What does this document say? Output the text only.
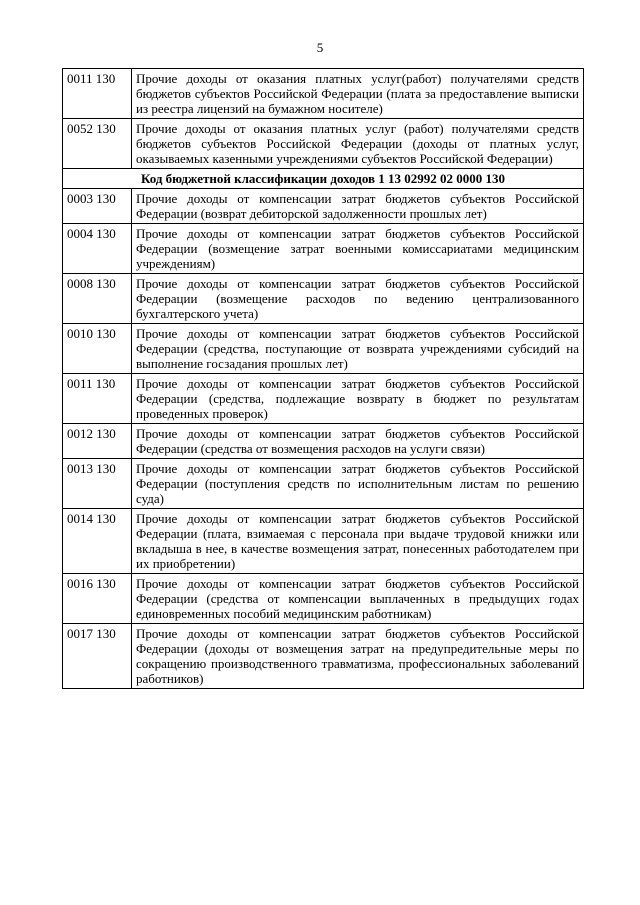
5
0011 130	Прочие доходы от оказания платных услуг(работ) получателями средств бюджетов субъектов Российской Федерации (плата за предоставление выписки из реестра лицензий на бумажном носителе)
0052 130	Прочие доходы от оказания платных услуг (работ) получателями средств бюджетов субъектов Российской Федерации (доходы от платных услуг, оказываемых казенными учреждениями субъектов Российской Федерации)
Код бюджетной классификации доходов 1 13 02992 02 0000 130	
0003 130	Прочие доходы от компенсации затрат бюджетов субъектов Российской Федерации (возврат дебиторской задолженности прошлых лет)
0004 130	Прочие доходы от компенсации затрат бюджетов субъектов Российской Федерации (возмещение затрат военными комиссариатами медицинским учреждениям)
0008 130	Прочие доходы от компенсации затрат бюджетов субъектов Российской Федерации (возмещение расходов по ведению централизованного бухгалтерского учета)
0010 130	Прочие доходы от компенсации затрат бюджетов субъектов Российской Федерации (средства, поступающие от возврата учреждениями субсидий на выполнение госзадания прошлых лет)
0011 130	Прочие доходы от компенсации затрат бюджетов субъектов Российской Федерации (средства, подлежащие возврату в бюджет по результатам проведенных проверок)
0012 130	Прочие доходы от компенсации затрат бюджетов субъектов Российской Федерации (средства от возмещения расходов на услуги связи)
0013 130	Прочие доходы от компенсации затрат бюджетов субъектов Российской Федерации (поступления средств по исполнительным листам по решению суда)
0014 130	Прочие доходы от компенсации затрат бюджетов субъектов Российской Федерации (плата, взимаемая с персонала при выдаче трудовой книжки или вкладыша в нее, в качестве возмещения затрат, понесенных работодателем при их приобретении)
0016 130	Прочие доходы от компенсации затрат бюджетов субъектов Российской Федерации (средства от компенсации выплаченных в предыдущих годах единовременных пособий медицинским работникам)
0017 130	Прочие доходы от компенсации затрат бюджетов субъектов Российской Федерации (доходы от возмещения затрат на предупредительные меры по сокращению производственного травматизма, профессиональных заболеваний работников)
